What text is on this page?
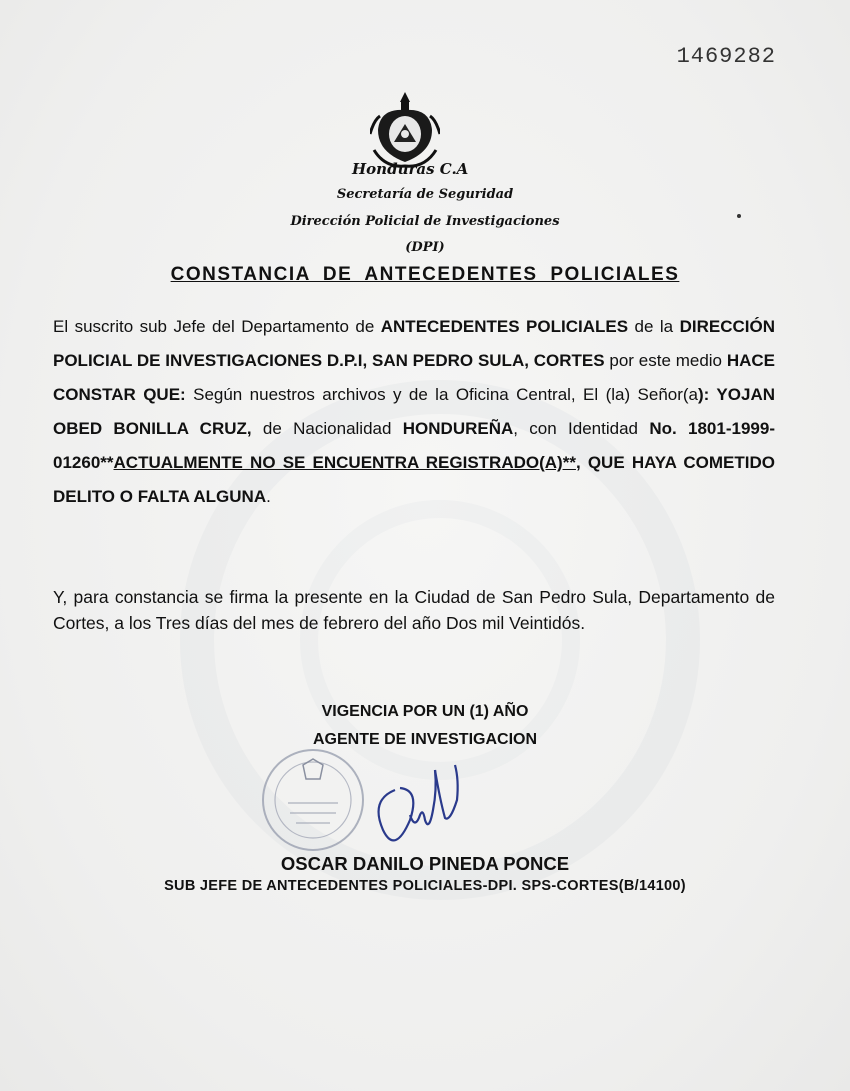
1469282
Honduras C.A
Secretaría de Seguridad
Dirección Policial de Investigaciones
(DPI)
CONSTANCIA DE ANTECEDENTES POLICIALES
El suscrito sub Jefe del Departamento de ANTECEDENTES POLICIALES de la DIRECCIÓN POLICIAL DE INVESTIGACIONES D.P.I, SAN PEDRO SULA, CORTES por este medio HACE CONSTAR QUE: Según nuestros archivos y de la Oficina Central, El (la) Señor(a): YOJAN OBED BONILLA CRUZ, de Nacionalidad HONDUREÑA, con Identidad No. 1801-1999-01260**ACTUALMENTE NO SE ENCUENTRA REGISTRADO(A)**, QUE HAYA COMETIDO DELITO O FALTA ALGUNA.
Y, para constancia se firma la presente en la Ciudad de San Pedro Sula, Departamento de Cortes, a los Tres días del mes de febrero del año Dos mil Veintidós.
VIGENCIA POR UN (1) AÑO
AGENTE DE INVESTIGACION
OSCAR DANILO PINEDA PONCE
SUB JEFE DE ANTECEDENTES POLICIALES-DPI. SPS-CORTES(B/14100)
